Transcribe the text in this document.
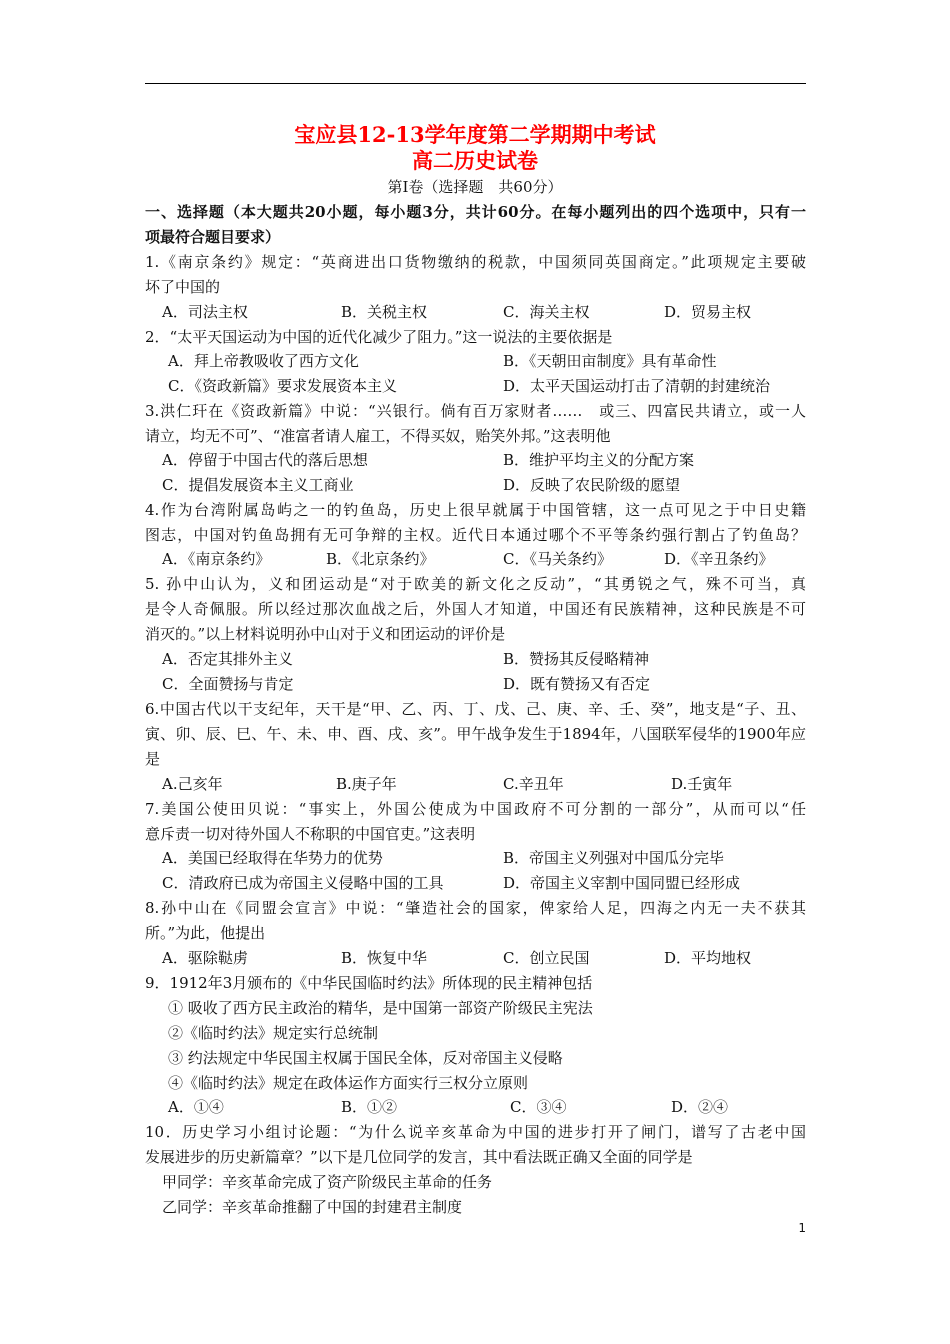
宝应县12-13学年度第二学期期中考试
高二历史试卷
第Ⅰ卷（选择题　共60分）
一、选择题（本大题共20小题，每小题3分，共计60分。在每小题列出的四个选项中，只有一
项最符合题目要求）
1.《南京条约》规定：“英商进出口货物缴纳的税款，中国须同英国商定。”此项规定主要破
坏了中国的
A．司法主权	B．关税主权	C．海关主权	D．贸易主权
2．“太平天国运动为中国的近代化减少了阻力。”这一说法的主要依据是
A．拜上帝教吸收了西方文化	B．《天朝田亩制度》具有革命性
C．《资政新篇》要求发展资本主义	D．太平天国运动打击了清朝的封建统治
3.洪仁玕在《资政新篇》中说：“兴银行。倘有百万家财者……　或三、四富民共请立，或一人
请立，均无不可”、“准富者请人雇工，不得买奴，贻笑外邦。”这表明他
A．停留于中国古代的落后思想	B．维护平均主义的分配方案
C．提倡发展资本主义工商业	D．反映了农民阶级的愿望
4.作为台湾附属岛屿之一的钓鱼岛，历史上很早就属于中国管辖，这一点可见之于中日史籍
图志，中国对钓鱼岛拥有无可争辩的主权。近代日本通过哪个不平等条约强行割占了钓鱼岛？
A．《南京条约》	B．《北京条约》	C．《马关条约》	D．《辛丑条约》
5. 孙中山认为，义和团运动是“对于欧美的新文化之反动”，“其勇锐之气，殊不可当，真
是令人奇佩服。所以经过那次血战之后，外国人才知道，中国还有民族精神，这种民族是不可
消灭的。”以上材料说明孙中山对于义和团运动的评价是
A．否定其排外主义	B．赞扬其反侵略精神
C．全面赞扬与肯定	D．既有赞扬又有否定
6.中国古代以干支纪年，天干是“甲、乙、丙、丁、戊、己、庚、辛、壬、癸”，地支是“子、丑、
寅、卯、辰、巳、午、未、申、酉、戌、亥”。甲午战争发生于1894年，八国联军侵华的1900年应
是
A.己亥年	B.庚子年	C.辛丑年	D.壬寅年
7.美国公使田贝说：“事实上，外国公使成为中国政府不可分割的一部分”，从而可以“任
意斥责一切对待外国人不称职的中国官吏。”这表明
A．美国已经取得在华势力的优势	B．帝国主义列强对中国瓜分完毕
C．清政府已成为帝国主义侵略中国的工具	D．帝国主义宰割中国同盟已经形成
8.孙中山在《同盟会宣言》中说：“肇造社会的国家，俾家给人足，四海之内无一夫不获其
所。”为此，他提出
A．驱除鞑虏	B．恢复中华	C．创立民国	D．平均地权
9．1912年3月颁布的《中华民国临时约法》所体现的民主精神包括
① 吸收了西方民主政治的精华，是中国第一部资产阶级民主宪法
②《临时约法》规定实行总统制
③ 约法规定中华民国主权属于国民全体，反对帝国主义侵略
④《临时约法》规定在政体运作方面实行三权分立原则
A．①④	B．①②	C．③④	D．②④
10．历史学习小组讨论题：“为什么说辛亥革命为中国的进步打开了闸门，谱写了古老中国
发展进步的历史新篇章？”以下是几位同学的发言，其中看法既正确又全面的同学是
甲同学：辛亥革命完成了资产阶级民主革命的任务
乙同学：辛亥革命推翻了中国的封建君主制度
1
